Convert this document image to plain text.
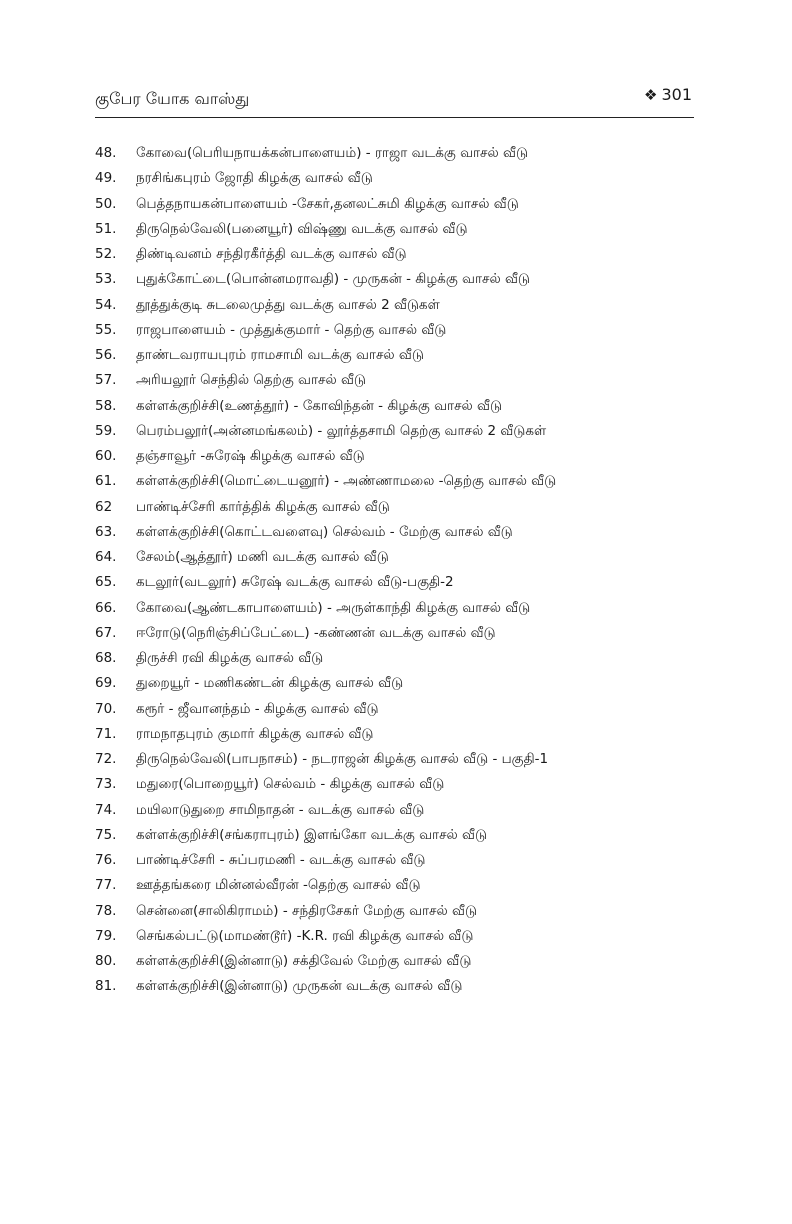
குபேர யோக வாஸ்து	❖ 301
48.	கோவை(பெரியநாயக்கன்பாளையம்) - ராஜா வடக்கு வாசல் வீடு
49.	நரசிங்கபுரம் ஜோதி கிழக்கு வாசல் வீடு
50.	பெத்தநாயகன்பாளையம் -சேகர்,தனலட்சுமி கிழக்கு வாசல் வீடு
51.	திருநெல்வேலி(பனையூர்) விஷ்ணு வடக்கு வாசல் வீடு
52.	திண்டிவனம் சந்திரகீர்த்தி வடக்கு வாசல் வீடு
53.	புதுக்கோட்டை(பொன்னமராவதி) - முருகன் - கிழக்கு வாசல் வீடு
54.	தூத்துக்குடி சுடலைமுத்து வடக்கு வாசல் 2 வீடுகள்
55.	ராஜபாளையம் - முத்துக்குமார் - தெற்கு வாசல் வீடு
56.	தாண்டவராயபுரம் ராமசாமி வடக்கு வாசல் வீடு
57.	அரியலூர் செந்தில் தெற்கு வாசல் வீடு
58.	கள்ளக்குறிச்சி(உணத்தூர்) - கோவிந்தன் - கிழக்கு வாசல் வீடு
59.	பெரம்பலூர்(அன்னமங்கலம்) - லூர்த்தசாமி தெற்கு வாசல் 2 வீடுகள்
60.	தஞ்சாவூர் -சுரேஷ் கிழக்கு வாசல் வீடு
61.	கள்ளக்குறிச்சி(மொட்டையனூர்) - அண்ணாமலை -தெற்கு வாசல் வீடு
62	பாண்டிச்சேரி கார்த்திக் கிழக்கு வாசல் வீடு
63.	கள்ளக்குறிச்சி(கொட்டவளைவு) செல்வம் - மேற்கு வாசல் வீடு
64.	சேலம்(ஆத்தூர்) மணி வடக்கு வாசல் வீடு
65.	கடலூர்(வடலூர்) சுரேஷ் வடக்கு வாசல் வீடு-பகுதி-2
66.	கோவை(ஆண்டகாபாளையம்) - அருள்காந்தி கிழக்கு வாசல் வீடு
67.	ஈரோடு(நெரிஞ்சிப்பேட்டை) -கண்ணன் வடக்கு வாசல் வீடு
68.	திருச்சி ரவி கிழக்கு வாசல் வீடு
69.	துறையூர் - மணிகண்டன் கிழக்கு வாசல் வீடு
70.	கரூர் - ஜீவானந்தம் - கிழக்கு வாசல் வீடு
71.	ராமநாதபுரம் குமார் கிழக்கு வாசல் வீடு
72.	திருநெல்வேலி(பாபநாசம்) - நடராஜன் கிழக்கு வாசல் வீடு - பகுதி-1
73.	மதுரை(பொறையூர்) செல்வம் - கிழக்கு வாசல் வீடு
74.	மயிலாடுதுறை சாமிநாதன் - வடக்கு வாசல் வீடு
75.	கள்ளக்குறிச்சி(சங்கராபுரம்) இளங்கோ வடக்கு வாசல் வீடு
76.	பாண்டிச்சேரி - சுப்பரமணி - வடக்கு வாசல் வீடு
77.	ஊத்தங்கரை மின்னல்வீரன் -தெற்கு வாசல் வீடு
78.	சென்னை(சாலிகிராமம்) - சந்திரசேகர் மேற்கு வாசல் வீடு
79.	செங்கல்பட்டு(மாமண்டூர்) -K.R. ரவி கிழக்கு வாசல் வீடு
80.	கள்ளக்குறிச்சி(இன்னாடு) சக்திவேல் மேற்கு வாசல் வீடு
81.	கள்ளக்குறிச்சி(இன்னாடு) முருகன் வடக்கு வாசல் வீடு
